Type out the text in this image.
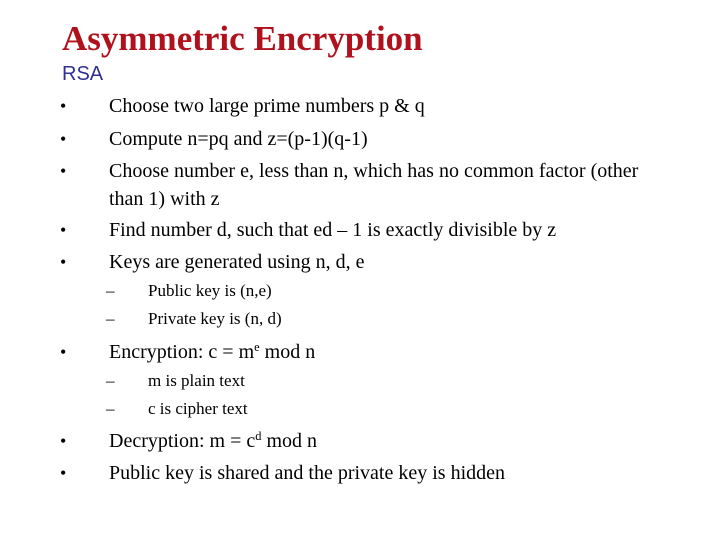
Asymmetric Encryption
RSA
• Choose two large prime numbers p & q
• Compute n=pq and z=(p-1)(q-1)
• Choose number e, less than n, which has no common factor (other
than 1) with z
• Find number d, such that ed – 1 is exactly divisible by z
• Keys are generated using n, d, e
– Public key is (n,e)
– Private key is (n, d)
• Encryption: $c = m^e$ mod n
– m is plain text
– c is cipher text
• Decryption: $m = c^d$ mod n
• Public key is shared and the private key is hidden
